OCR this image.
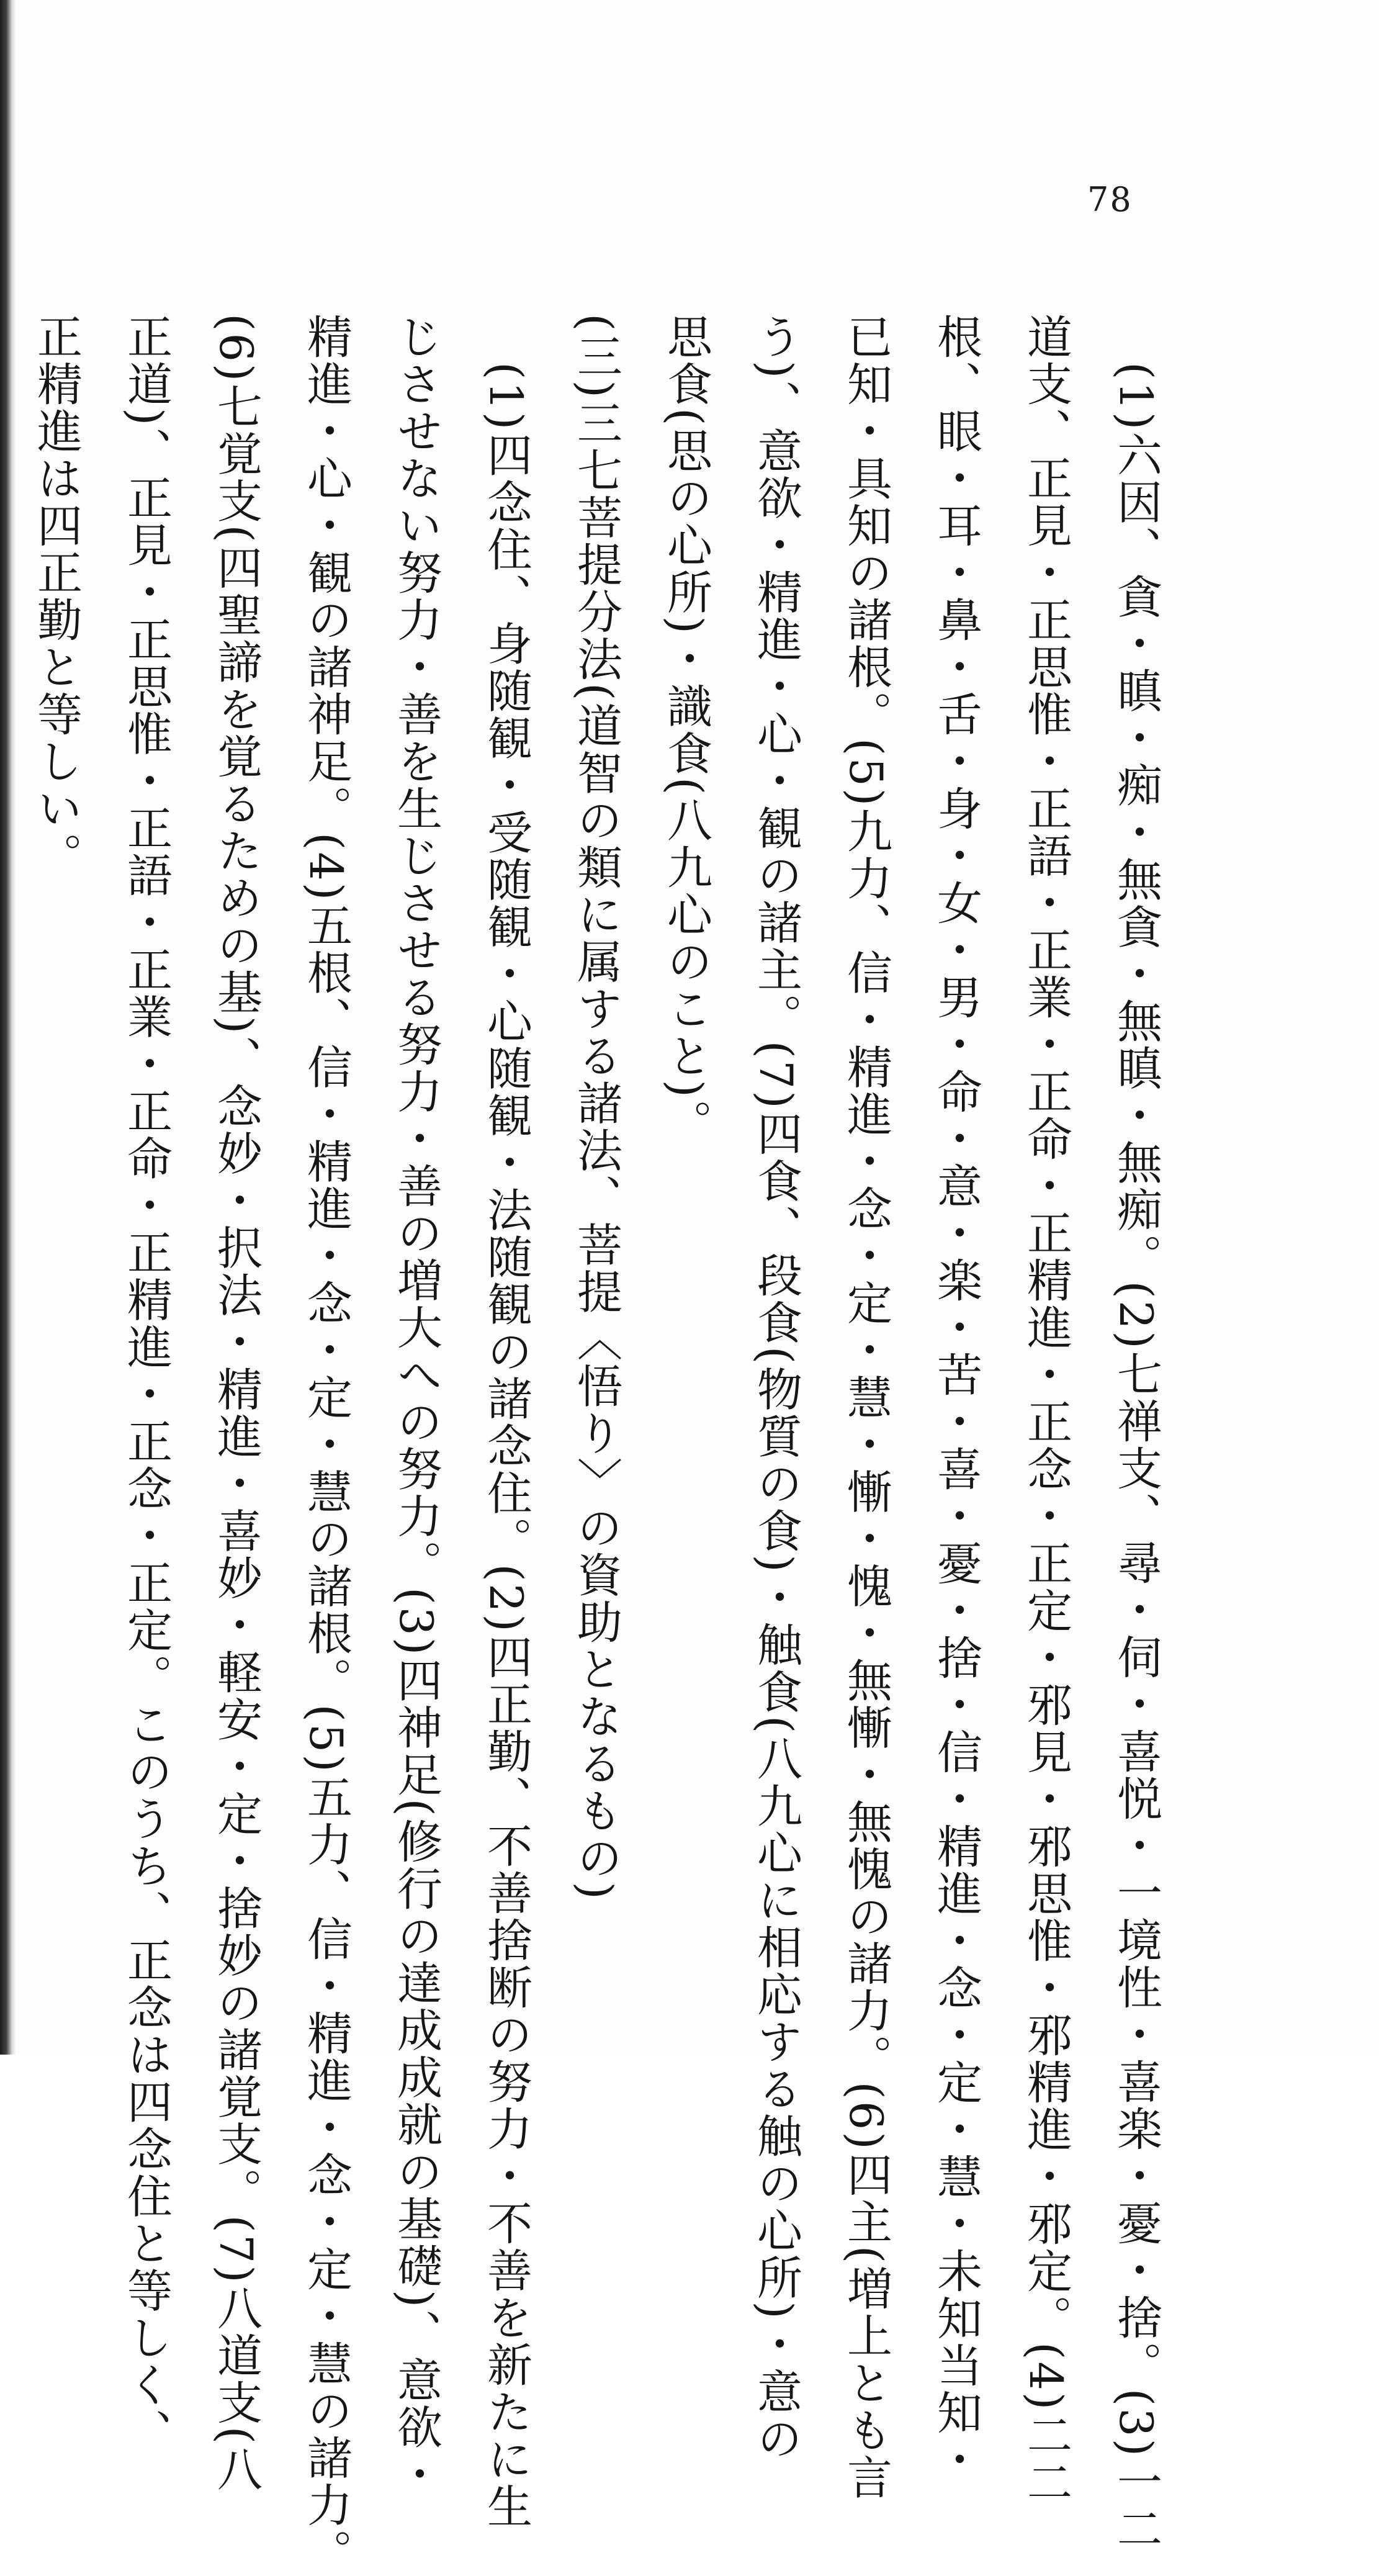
78
(1)六因、貪・瞋・痴・無貪・無瞋・無痴。(2)七禅支、尋・伺・喜悦・一境性・喜楽・憂・捨。(3)一二
道支、正見・正思惟・正語・正業・正命・正精進・正念・正定・邪見・邪思惟・邪精進・邪定。(4)二二
根、眼・耳・鼻・舌・身・女・男・命・意・楽・苦・喜・憂・捨・信・精進・念・定・慧・未知当知・
已知・具知の諸根。(5)九力、信・精進・念・定・慧・慚・愧・無慚・無愧の諸力。(6)四主(増上とも言
う)、意欲・精進・心・観の諸主。(7)四食、段食(物質の食)・触食(八九心に相応する触の心所)・意の
思食(思の心所)・識食(八九心のこと)。
(三)三七菩提分法(道智の類に属する諸法、菩提〈悟り〉の資助となるもの)
(1)四念住、身随観・受随観・心随観・法随観の諸念住。(2)四正勤、不善捨断の努力・不善を新たに生
じさせない努力・善を生じさせる努力・善の増大への努力。(3)四神足(修行の達成成就の基礎)、意欲・
精進・心・観の諸神足。(4)五根、信・精進・念・定・慧の諸根。(5)五力、信・精進・念・定・慧の諸力。
(6)七覚支(四聖諦を覚るための基)、念妙・択法・精進・喜妙・軽安・定・捨妙の諸覚支。(7)八道支(八
正道)、正見・正思惟・正語・正業・正命・正精進・正念・正定。このうち、正念は四念住と等しく、
正精進は四正勤と等しい。
